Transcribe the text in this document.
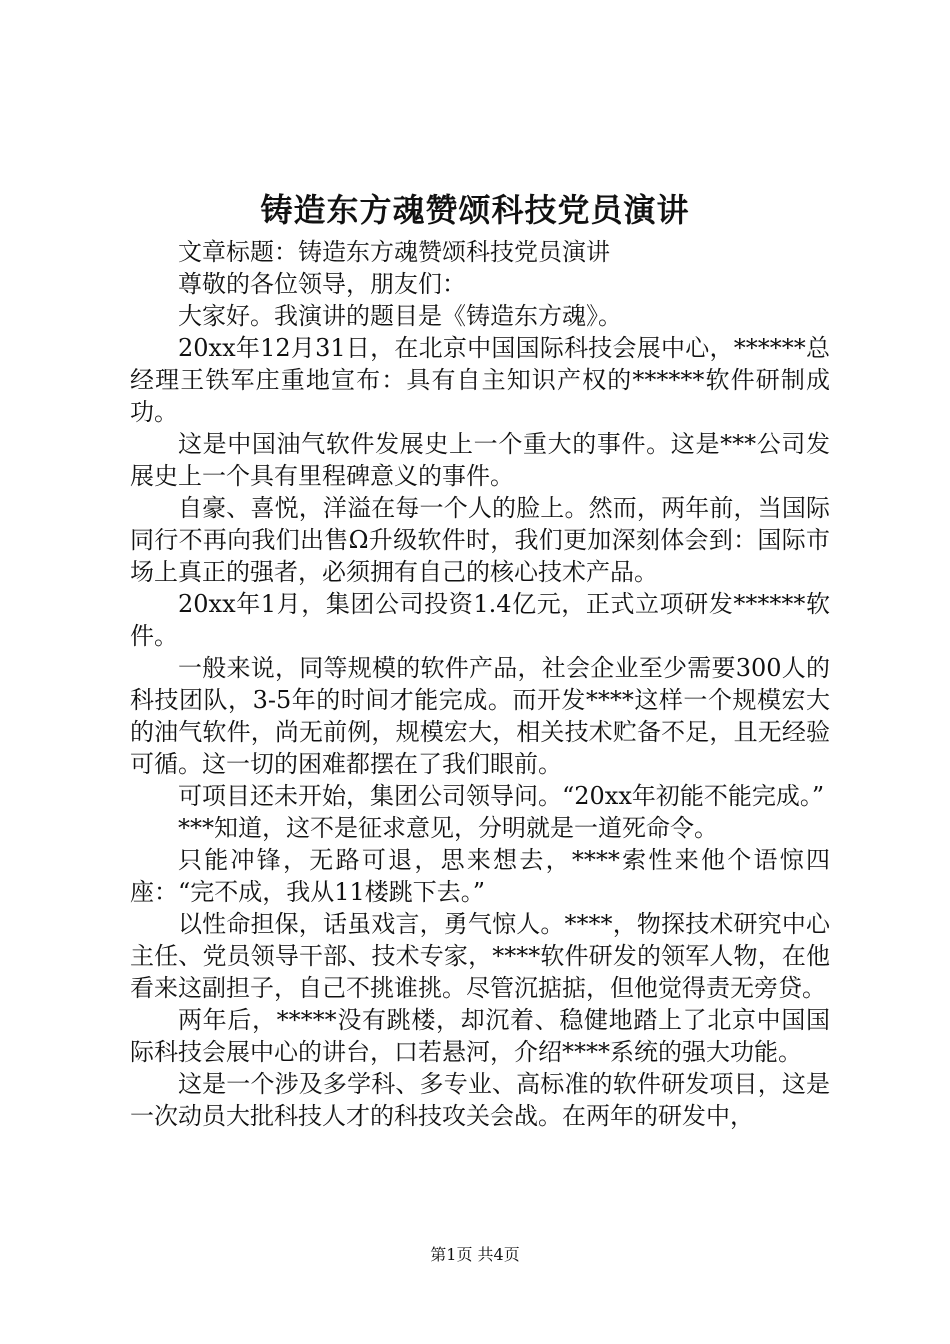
铸造东方魂赞颂科技党员演讲

文章标题：铸造东方魂赞颂科技党员演讲

尊敬的各位领导，朋友们：

大家好。我演讲的题目是《铸造东方魂》。

20xx年12月31日，在北京中国国际科技会展中心，******总经理王铁军庄重地宣布：具有自主知识产权的******软件研制成功。

这是中国油气软件发展史上一个重大的事件。这是***公司发展史上一个具有里程碑意义的事件。

自豪、喜悦，洋溢在每一个人的脸上。然而，两年前，当国际同行不再向我们出售Ω升级软件时，我们更加深刻体会到：国际市场上真正的强者，必须拥有自己的核心技术产品。

20xx年1月，集团公司投资1.4亿元，正式立项研发******软件。

一般来说，同等规模的软件产品，社会企业至少需要300人的科技团队，3-5年的时间才能完成。而开发****这样一个规模宏大的油气软件，尚无前例，规模宏大，相关技术贮备不足，且无经验可循。这一切的困难都摆在了我们眼前。

可项目还未开始，集团公司领导问。“20xx年初能不能完成。”

***知道，这不是征求意见，分明就是一道死命令。

只能冲锋，无路可退，思来想去，****索性来他个语惊四座：“完不成，我从11楼跳下去。”

以性命担保，话虽戏言，勇气惊人。****，物探技术研究中心主任、党员领导干部、技术专家，****软件研发的领军人物，在他看来这副担子，自己不挑谁挑。尽管沉掂掂，但他觉得责无旁贷。

两年后，*****没有跳楼，却沉着、稳健地踏上了北京中国国际科技会展中心的讲台，口若悬河，介绍****系统的强大功能。

这是一个涉及多学科、多专业、高标准的软件研发项目，这是一次动员大批科技人才的科技攻关会战。在两年的研发中，

第1页 共4页
